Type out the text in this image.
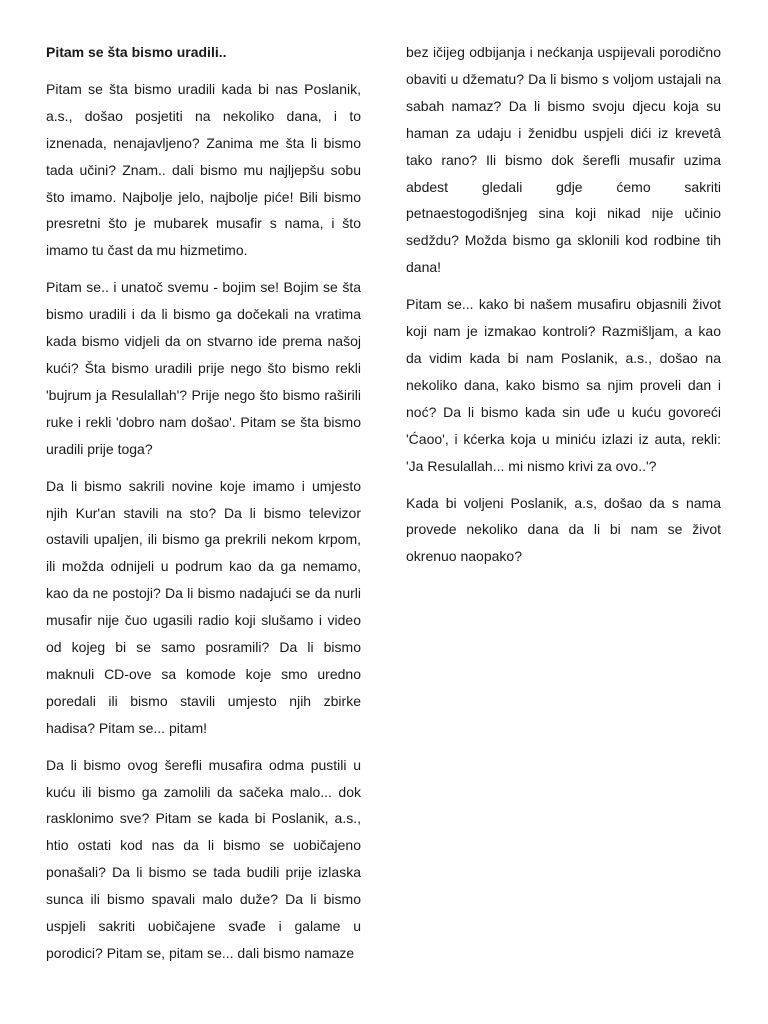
Pitam se šta bismo uradili..

Pitam se šta bismo uradili kada bi nas Poslanik, a.s., došao posjetiti na nekoliko dana, i to iznenada, nenajavljeno? Zanima me šta li bismo tada učini? Znam.. dali bismo mu najljepšu sobu što imamo. Najbolje jelo, najbolje piće! Bili bismo presretni što je mubarek musafir s nama, i što imamo tu čast da mu hizmetimo.

Pitam se.. i unatoč svemu - bojim se! Bojim se šta bismo uradili i da li bismo ga dočekali na vratima kada bismo vidjeli da on stvarno ide prema našoj kući? Šta bismo uradili prije nego što bismo rekli 'bujrum ja Resulallah'? Prije nego što bismo raširili ruke i rekli 'dobro nam došao'. Pitam se šta bismo uradili prije toga?

Da li bismo sakrili novine koje imamo i umjesto njih Kur'an stavili na sto? Da li bismo televizor ostavili upaljen, ili bismo ga prekrili nekom krpom, ili možda odnijeli u podrum kao da ga nemamo, kao da ne postoji? Da li bismo nadajući se da nurli musafir nije čuo ugasili radio koji slušamo i video od kojeg bi se samo posramili? Da li bismo maknuli CD-ove sa komode koje smo uredno poredali ili bismo stavili umjesto njih zbirke hadisa? Pitam se... pitam!

Da li bismo ovog šerefli musafira odma pustili u kuću ili bismo ga zamolili da sačeka malo... dok rasklonimo sve? Pitam se kada bi Poslanik, a.s., htio ostati kod nas da li bismo se uobičajeno ponašali? Da li bismo se tada budili prije izlaska sunca ili bismo spavali malo duže? Da li bismo uspjeli sakriti uobičajene svađe i galame u porodici? Pitam se, pitam se... dali bismo namaze

bez ičijeg odbijanja i nećkanja uspijevali porodično obaviti u džematu? Da li bismo s voljom ustajali na sabah namaz? Da li bismo svoju djecu koja su haman za udaju i ženidbu uspjeli dići iz krevetâ tako rano? Ili bismo dok šerefli musafir uzima abdest gledali gdje ćemo sakriti petnaestogodišnjeg sina koji nikad nije učinio sedždu? Možda bismo ga sklonili kod rodbine tih dana!

Pitam se... kako bi našem musafiru objasnili život koji nam je izmakao kontroli? Razmišljam, a kao da vidim kada bi nam Poslanik, a.s., došao na nekoliko dana, kako bismo sa njim proveli dan i noć? Da li bismo kada sin uđe u kuću govoreći 'Ćaoo', i kćerka koja u miniću izlazi iz auta, rekli: 'Ja Resulallah... mi nismo krivi za ovo..'?

Kada bi voljeni Poslanik, a.s, došao da s nama provede nekoliko dana da li bi nam se život okrenuo naopako?
